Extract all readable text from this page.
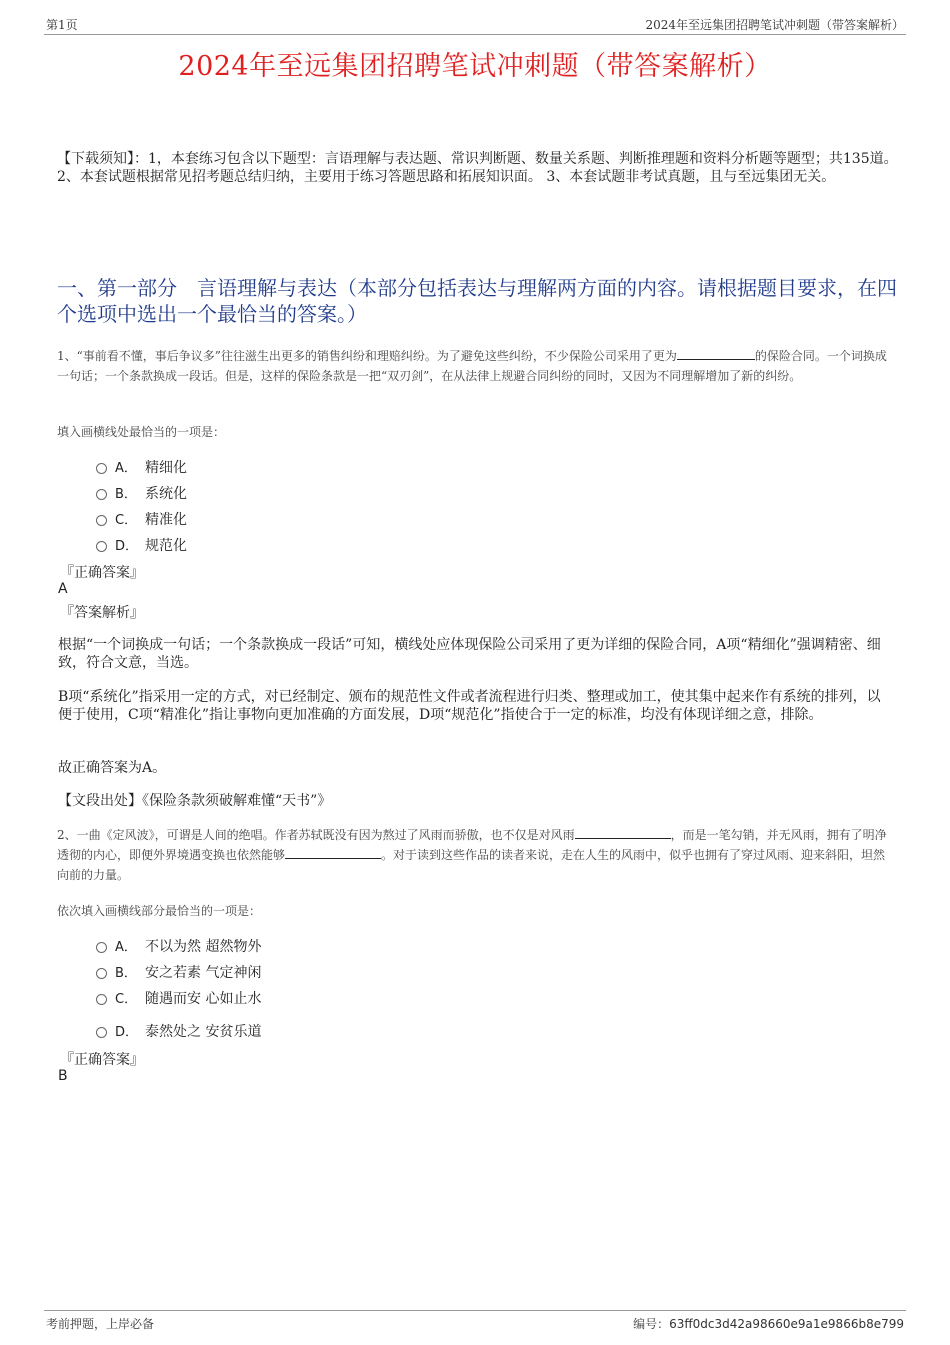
第1页	2024年至远集团招聘笔试冲刺题（带答案解析）
2024年至远集团招聘笔试冲刺题（带答案解析）
【下载须知】：1，本套练习包含以下题型：言语理解与表达题、常识判断题、数量关系题、判断推理题和资料分析题等题型；共135道。 2、本套试题根据常见招考题总结归纳，主要用于练习答题思路和拓展知识面。 3、本套试题非考试真题，且与至远集团无关。
一、第一部分　言语理解与表达（本部分包括表达与理解两方面的内容。请根据题目要求，在四个选项中选出一个最恰当的答案。）
1、“事前看不懂，事后争议多”往往滋生出更多的销售纠纷和理赔纠纷。为了避免这些纠纷，不少保险公司采用了更为	的保险合同。一个词换成一句话；一个条款换成一段话。但是，这样的保险条款是一把“双刃剑”，在从法律上规避合同纠纷的同时，又因为不同理解增加了新的纠纷。
填入画横线处最恰当的一项是：
A． 精细化
B． 系统化
C． 精准化
D． 规范化
『正确答案』
A
『答案解析』
根据“一个词换成一句话；一个条款换成一段话”可知，横线处应体现保险公司采用了更为详细的保险合同，A项“精细化”强调精密、细致，符合文意，当选。
B项“系统化”指采用一定的方式，对已经制定、颁布的规范性文件或者流程进行归类、整理或加工，使其集中起来作有系统的排列，以便于使用，C项“精准化”指让事物向更加准确的方面发展，D项“规范化”指使合于一定的标准，均没有体现详细之意，排除。
故正确答案为A。
【文段出处】《保险条款须破解难懂“天书”》
2、一曲《定风波》，可谓是人间的绝唱。作者苏轼既没有因为熬过了风雨而骄傲，也不仅是对风雨	，而是一笔勾销，并无风雨，拥有了明净透彻的内心，即便外界境遇变换也依然能够	。对于读到这些作品的读者来说，走在人生的风雨中，似乎也拥有了穿过风雨、迎来斜阳，坦然向前的力量。
依次填入画横线部分最恰当的一项是：
A． 不以为然 超然物外
B． 安之若素 气定神闲
C． 随遇而安 心如止水
D． 泰然处之 安贫乐道
『正确答案』
B
考前押题，上岸必备	编号：63ff0dc3d42a98660e9a1e9866b8e799
